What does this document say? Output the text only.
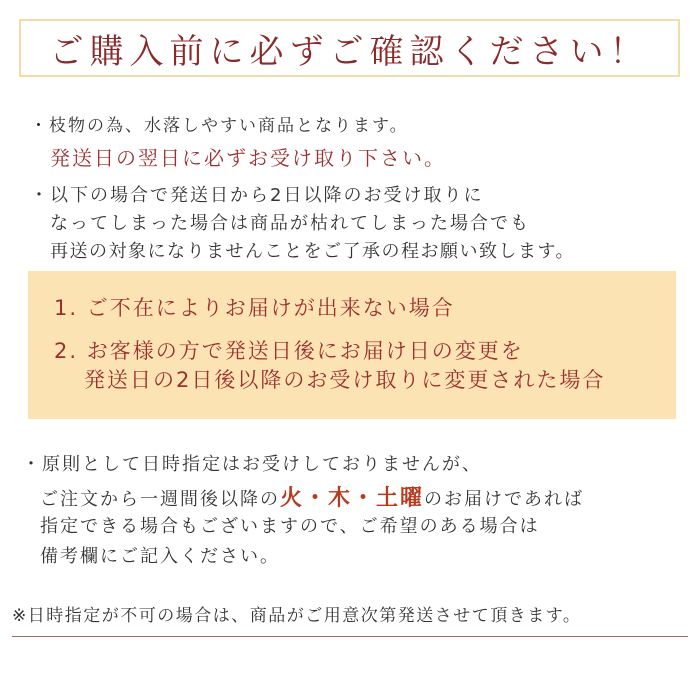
ご購入前に必ずご確認ください！
・枝物の為、水落しやすい商品となります。
発送日の翌日に必ずお受け取り下さい。
・以下の場合で発送日から2日以降のお受け取りに
なってしまった場合は商品が枯れてしまった場合でも
再送の対象になりませんことをご了承の程お願い致します。
1. ご不在によりお届けが出来ない場合
2. お客様の方で発送日後にお届け日の変更を
発送日の2日後以降のお受け取りに変更された場合
・原則として日時指定はお受けしておりませんが、
ご注文から一週間後以降の火・木・土曜のお届けであれば
指定できる場合もございますので、ご希望のある場合は
備考欄にご記入ください。
※日時指定が不可の場合は、商品がご用意次第発送させて頂きます。
